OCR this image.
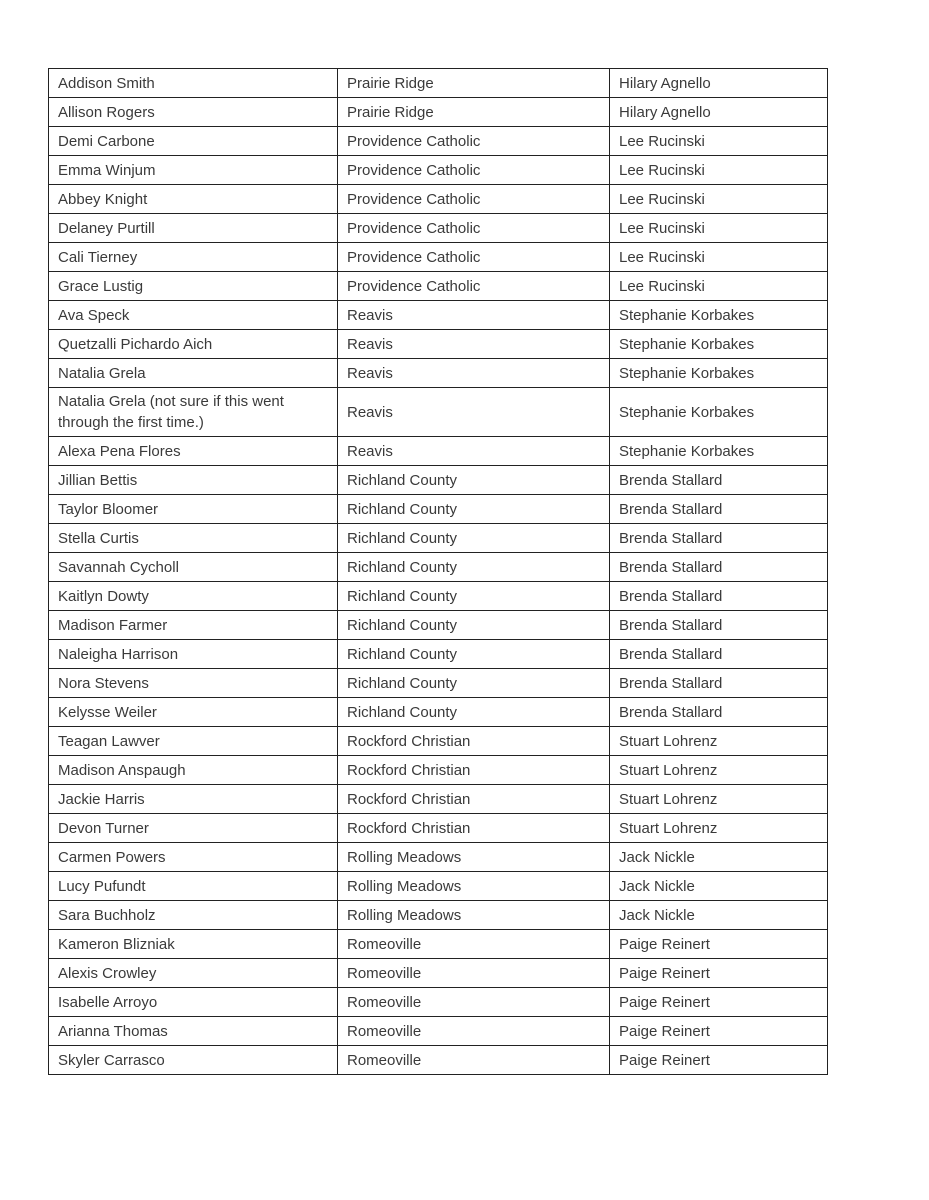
Addison Smith	Prairie Ridge	Hilary Agnello
Allison Rogers	Prairie Ridge	Hilary Agnello
Demi Carbone	Providence Catholic	Lee Rucinski
Emma Winjum	Providence Catholic	Lee Rucinski
Abbey Knight	Providence Catholic	Lee Rucinski
Delaney Purtill	Providence Catholic	Lee Rucinski
Cali Tierney	Providence Catholic	Lee Rucinski
Grace Lustig	Providence Catholic	Lee Rucinski
Ava Speck	Reavis	Stephanie Korbakes
Quetzalli Pichardo Aich	Reavis	Stephanie Korbakes
Natalia Grela	Reavis	Stephanie Korbakes
Natalia Grela (not sure if this went through the first time.)	Reavis	Stephanie Korbakes
Alexa Pena Flores	Reavis	Stephanie Korbakes
Jillian Bettis	Richland County	Brenda Stallard
Taylor Bloomer	Richland County	Brenda Stallard
Stella Curtis	Richland County	Brenda Stallard
Savannah Cycholl	Richland County	Brenda Stallard
Kaitlyn Dowty	Richland County	Brenda Stallard
Madison Farmer	Richland County	Brenda Stallard
Naleigha Harrison	Richland County	Brenda Stallard
Nora Stevens	Richland County	Brenda Stallard
Kelysse Weiler	Richland County	Brenda Stallard
Teagan Lawver	Rockford Christian	Stuart Lohrenz
Madison Anspaugh	Rockford Christian	Stuart Lohrenz
Jackie Harris	Rockford Christian	Stuart Lohrenz
Devon Turner	Rockford Christian	Stuart Lohrenz
Carmen Powers	Rolling Meadows	Jack Nickle
Lucy Pufundt	Rolling Meadows	Jack Nickle
Sara Buchholz	Rolling Meadows	Jack Nickle
Kameron Blizniak	Romeoville	Paige Reinert
Alexis Crowley	Romeoville	Paige Reinert
Isabelle Arroyo	Romeoville	Paige Reinert
Arianna Thomas	Romeoville	Paige Reinert
Skyler Carrasco	Romeoville	Paige Reinert
